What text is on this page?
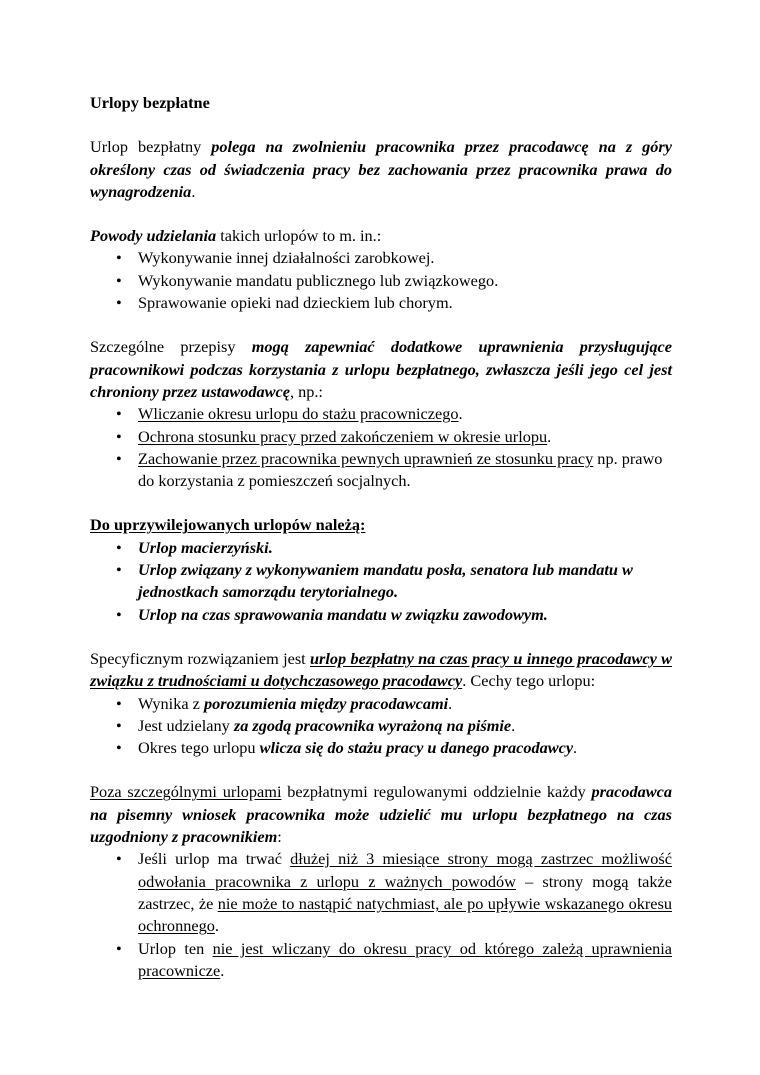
Urlopy bezpłatne

Urlop bezpłatny polega na zwolnieniu pracownika przez pracodawcę na z góry określony czas od świadczenia pracy bez zachowania przez pracownika prawa do wynagrodzenia.

Powody udzielania takich urlopów to m. in.:

• Wykonywanie innej działalności zarobkowej.
• Wykonywanie mandatu publicznego lub związkowego.
• Sprawowanie opieki nad dzieckiem lub chorym.

Szczególne przepisy mogą zapewniać dodatkowe uprawnienia przysługujące pracownikowi podczas korzystania z urlopu bezpłatnego, zwłaszcza jeśli jego cel jest chroniony przez ustawodawcę, np.:

• Wliczanie okresu urlopu do stażu pracowniczego.
• Ochrona stosunku pracy przed zakończeniem w okresie urlopu.
• Zachowanie przez pracownika pewnych uprawnień ze stosunku pracy np. prawo do korzystania z pomieszczeń socjalnych.

Do uprzywilejowanych urlopów należą:

• Urlop macierzyński.
• Urlop związany z wykonywaniem mandatu posła, senatora lub mandatu w jednostkach samorządu terytorialnego.
• Urlop na czas sprawowania mandatu w związku zawodowym.

Specyficznym rozwiązaniem jest urlop bezpłatny na czas pracy u innego pracodawcy w związku z trudnościami u dotychczasowego pracodawcy. Cechy tego urlopu:

• Wynika z porozumienia między pracodawcami.
• Jest udzielany za zgodą pracownika wyrażoną na piśmie.
• Okres tego urlopu wlicza się do stażu pracy u danego pracodawcy.

Poza szczególnymi urlopami bezpłatnymi regulowanymi oddzielnie każdy pracodawca na pisemny wniosek pracownika może udzielić mu urlopu bezpłatnego na czas uzgodniony z pracownikiem:

• Jeśli urlop ma trwać dłużej niż 3 miesiące strony mogą zastrzec możliwość odwołania pracownika z urlopu z ważnych powodów – strony mogą także zastrzec, że nie może to nastąpić natychmiast, ale po upływie wskazanego okresu ochronnego.
• Urlop ten nie jest wliczany do okresu pracy od którego zależą uprawnienia pracownicze.
